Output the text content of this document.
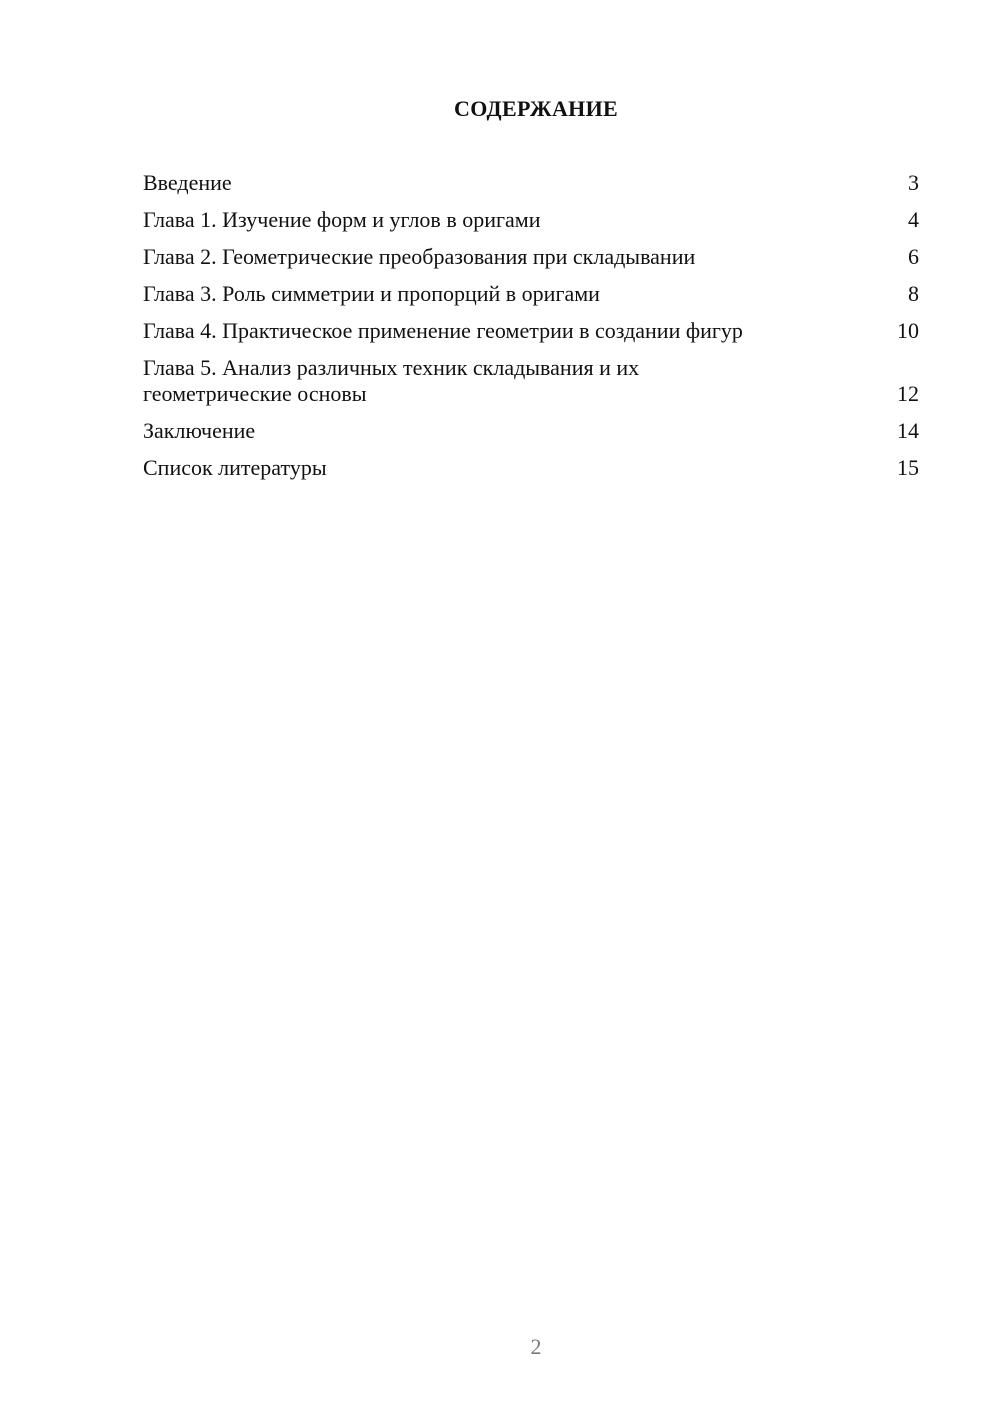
СОДЕРЖАНИЕ
Введение	3
Глава 1. Изучение форм и углов в оригами	4
Глава 2. Геометрические преобразования при складывании	6
Глава 3. Роль симметрии и пропорций в оригами	8
Глава 4. Практическое применение геометрии в создании фигур	10
Глава 5. Анализ различных техник складывания и их геометрические основы	12
Заключение	14
Список литературы	15
2
